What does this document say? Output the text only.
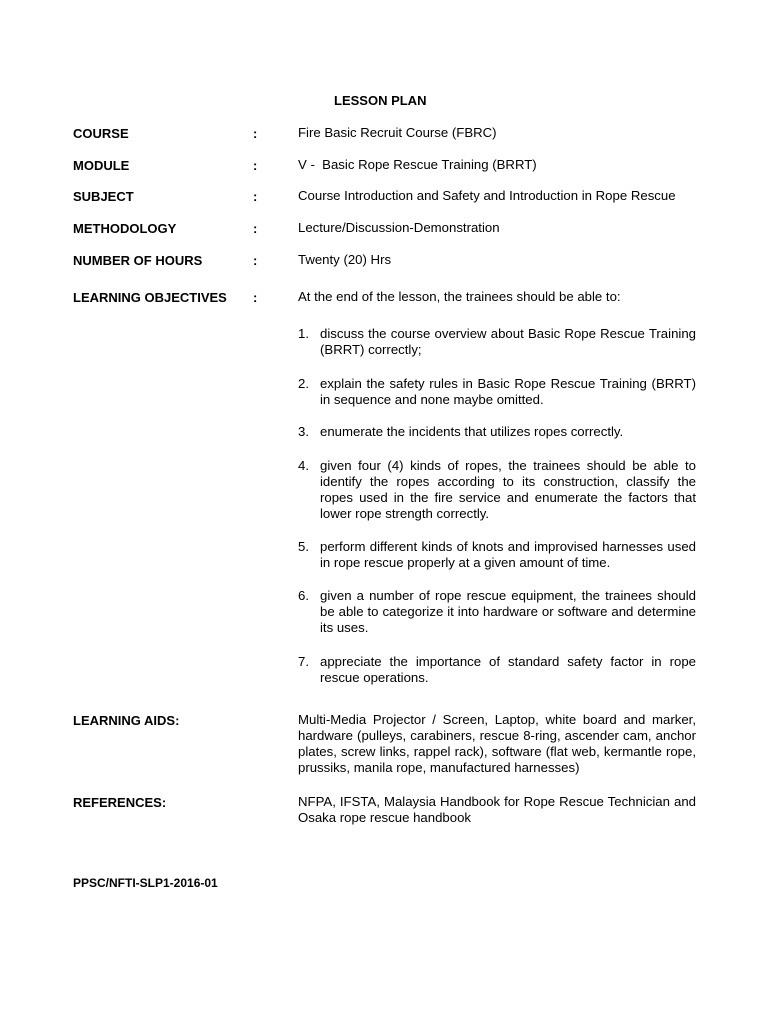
LESSON PLAN
COURSE	:	Fire Basic Recruit Course (FBRC)
MODULE	:	V -  Basic Rope Rescue Training (BRRT)
SUBJECT	:	Course Introduction and Safety and Introduction in Rope Rescue
METHODOLOGY	:	Lecture/Discussion-Demonstration
NUMBER OF HOURS	:	Twenty (20) Hrs
LEARNING OBJECTIVES :	At the end of the lesson, the trainees should be able to:
1. discuss the course overview about Basic Rope Rescue Training (BRRT) correctly;
2. explain the safety rules in Basic Rope Rescue Training (BRRT) in sequence and none maybe omitted.
3. enumerate the incidents that utilizes ropes correctly.
4. given four (4) kinds of ropes, the trainees should be able to identify the ropes according to its construction, classify the ropes used in the fire service and enumerate the factors that lower rope strength correctly.
5. perform different kinds of knots and improvised harnesses used in rope rescue properly at a given amount of time.
6. given a number of rope rescue equipment, the trainees should be able to categorize it into hardware or software and determine its uses.
7. appreciate the importance of standard safety factor in rope rescue operations.
LEARNING AIDS:	Multi-Media Projector / Screen, Laptop, white board and marker, hardware (pulleys, carabiners, rescue 8-ring, ascender cam, anchor plates, screw links, rappel rack), software (flat web, kermantle rope, prussiks, manila rope, manufactured harnesses)
REFERENCES:	NFPA, IFSTA, Malaysia Handbook for Rope Rescue Technician and Osaka rope rescue handbook
PPSC/NFTI-SLP1-2016-01
